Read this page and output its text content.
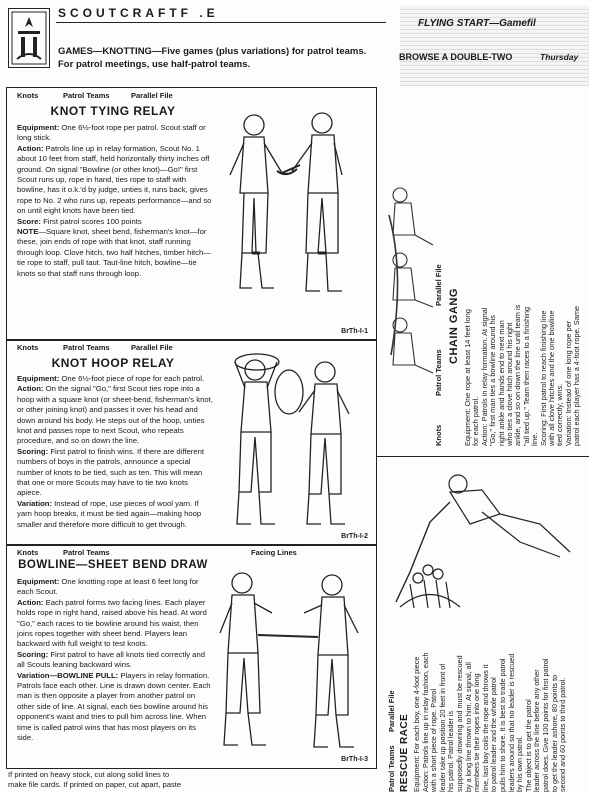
SCOUTCRAFTF .E
GAMES—KNOTTING—Five games (plus variations) for patrol teams. For patrol meetings, use half-patrol teams.
FLYING START—Gamefil
BROWSE A DOUBLE-TWO	Thursday
Knots	Patrol Teams	Parallel File
KNOT TYING RELAY

Equipment: One 6½-foot rope per patrol. Scout staff or long stick.

Action: Patrols line up in relay formation, Scout No. 1 about 10 feet from staff, held horizontally thirty inches off ground. On signal "Bowline (or other knot)—Go!" first Scout runs up, rope in hand, ties rope to staff with bowline, has it o.k.'d by judge, unties it, runs back, gives rope to No. 2 who runs up, repeats performance—and so on until eight knots have been tied.

Score: First patrol scores 100 points

NOTE—Square knot, sheet bend, fisherman's knot—for these, join ends of rope with that knot, staff running through loop. Clove hitch, two half hitches, timber hitch—tie rope to staff, pull taut. Taut-line hitch, bowline—tie knots so that staff runs through loop.

BrTh-I-1
Knots	Patrol Teams	Parallel File
KNOT HOOP RELAY

Equipment: One 6½-foot piece of rope for each patrol.

Action: On the signal "Go," first Scout ties rope into a hoop with a square knot (or sheet-bend, fisherman's knot, or other joining knot) and passes it over his head and down around his body. He steps out of the hoop, unties knot and passes rope to next Scout, who repeats procedure, and so on down the line.

Scoring: First patrol to finish wins. If there are different numbers of boys in the patrols, announce a special number of knots to be tied, such as ten. This will mean that one or more Scouts may have to tie two knots apiece.

Variation: Instead of rope, use pieces of wool yarn. If yarn hoop breaks, it must be tied again—making hoop smaller and therefore more difficult to get through.

BrTh-I-2
Knots	Patrol Teams	Facing Lines
BOWLINE—SHEET BEND DRAW

Equipment: One knotting rope at least 6 feet long for each Scout.

Action: Each patrol forms two facing lines. Each player holds rope in right hand, raised above his head. At word "Go," each races to tie bowline around his waist, then joins ropes together with sheet bend. Players lean backward with full weight to test knots.

Scoring: First patrol to have all knots tied correctly and all Scouts leaning backward wins.

Variation—BOWLINE PULL: Players in relay formation. Patrols face each other. Line is drawn down center. Each man is then opposite a player from another patrol on other side of line. At signal, each ties bowline around his opponent's waist and tries to pull him across line. When time is called patrol wins that has most players on its side.

BrTh-I-3
Knots
Patrol Teams
Parallel File
CHAIN GANG Equipment: One rope at least 14 feet long for each patrol. Action: Patrols in relay formation. At signal "Go," first man ties a bowline around his right ankle and hands end to next man who ties a clove hitch around his right ankle, and so on down the line until team is "all tied up." Team then races to a finishing line. Scoring: First patrol to reach finishing line with all clove hitches and the one bowline tied correctly, wins. Variation: Instead of one long rope per patrol each player has a 4-foot rope. Same

Patrol Teams
Parallel File
RESCUE RACE Equipment: For each boy, one 4-foot piece Action: Patrols line up in relay fashion, each with a short piece of rope. Patrol leader take up position 20 feet in front of his patrol. Patrol leader is supposedly drowning and must be rescued by a long line thrown to him. At signal, all members tie their ropes into one long line, last boy coils the rope and throws it to patrol leader and the whole patrol pulls him to shore. It is best to trade patrol leaders around so that no leader is rescued by his own patrol. The object is to get the patrol leader across the line before any other patrol does. Give 100 points for first patrol to get the leader ashore, 80 points to second and 60 points to third patrol.

If printed on heavy stock, cut along solid lines to
make file cards. If printed on paper, cut apart, paste
